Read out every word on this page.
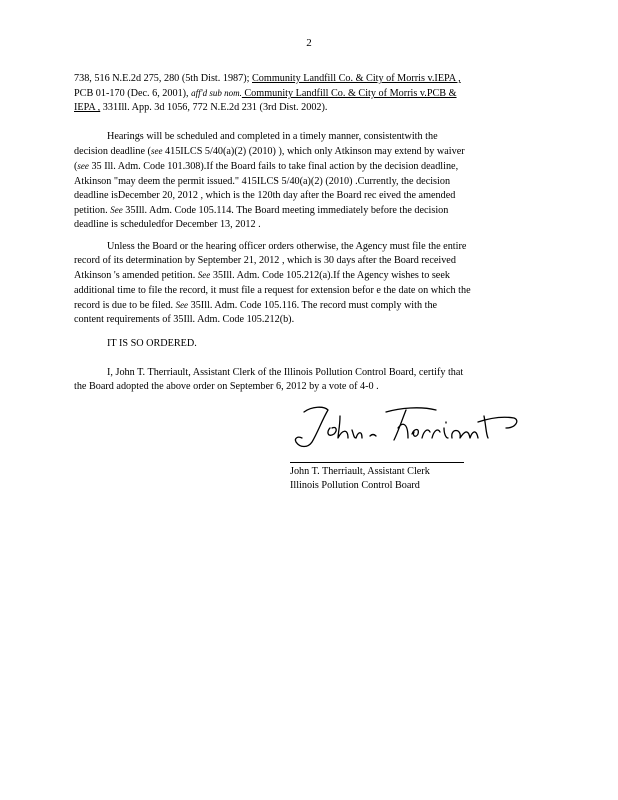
2
738, 516 N.E.2d 275, 280 (5th Dist. 1987); Community Landfill Co. & City of Morris v.IEPA ,
PCB 01-170 (Dec. 6, 2001), aff'd sub nom. Community Landfill Co. & City of Morris v.PCB &
IEPA , 331Ill. App. 3d 1056, 772 N.E.2d 231 (3rd Dist. 2002).
Hearings will be scheduled and completed in a timely manner, consistentwith the
decision deadline (see 415ILCS 5/40(a)(2) (2010) ), which only Atkinson may extend by waiver
(see 35 Ill. Adm. Code 101.308).If the Board fails to take final action by the decision deadline,
Atkinson "may deem the permit issued." 415ILCS 5/40(a)(2) (2010) .Currently, the decision
deadline isDecember 20, 2012 , which is the 120th day after the Board rec eived the amended
petition. See 35Ill. Adm. Code 105.114. The Board meeting immediately before the decision
deadline is scheduledfor December 13, 2012 .
Unless the Board or the hearing officer orders otherwise, the Agency must file the entire
record of its determination by September 21, 2012 , which is 30 days after the Board received
Atkinson 's amended petition. See 35Ill. Adm. Code 105.212(a).If the Agency wishes to seek
additional time to file the record, it must file a request for extension befor e the date on which the
record is due to be filed. See 35Ill. Adm. Code 105.116. The record must comply with the
content requirements of 35Ill. Adm. Code 105.212(b).
IT IS SO ORDERED.
I, John T. Therriault, Assistant Clerk of the Illinois Pollution Control Board, certify that
the Board adopted the above order on September 6, 2012 by a vote of 4-0 .
John T. Therriault, Assistant Clerk
Illinois Pollution Control Board
